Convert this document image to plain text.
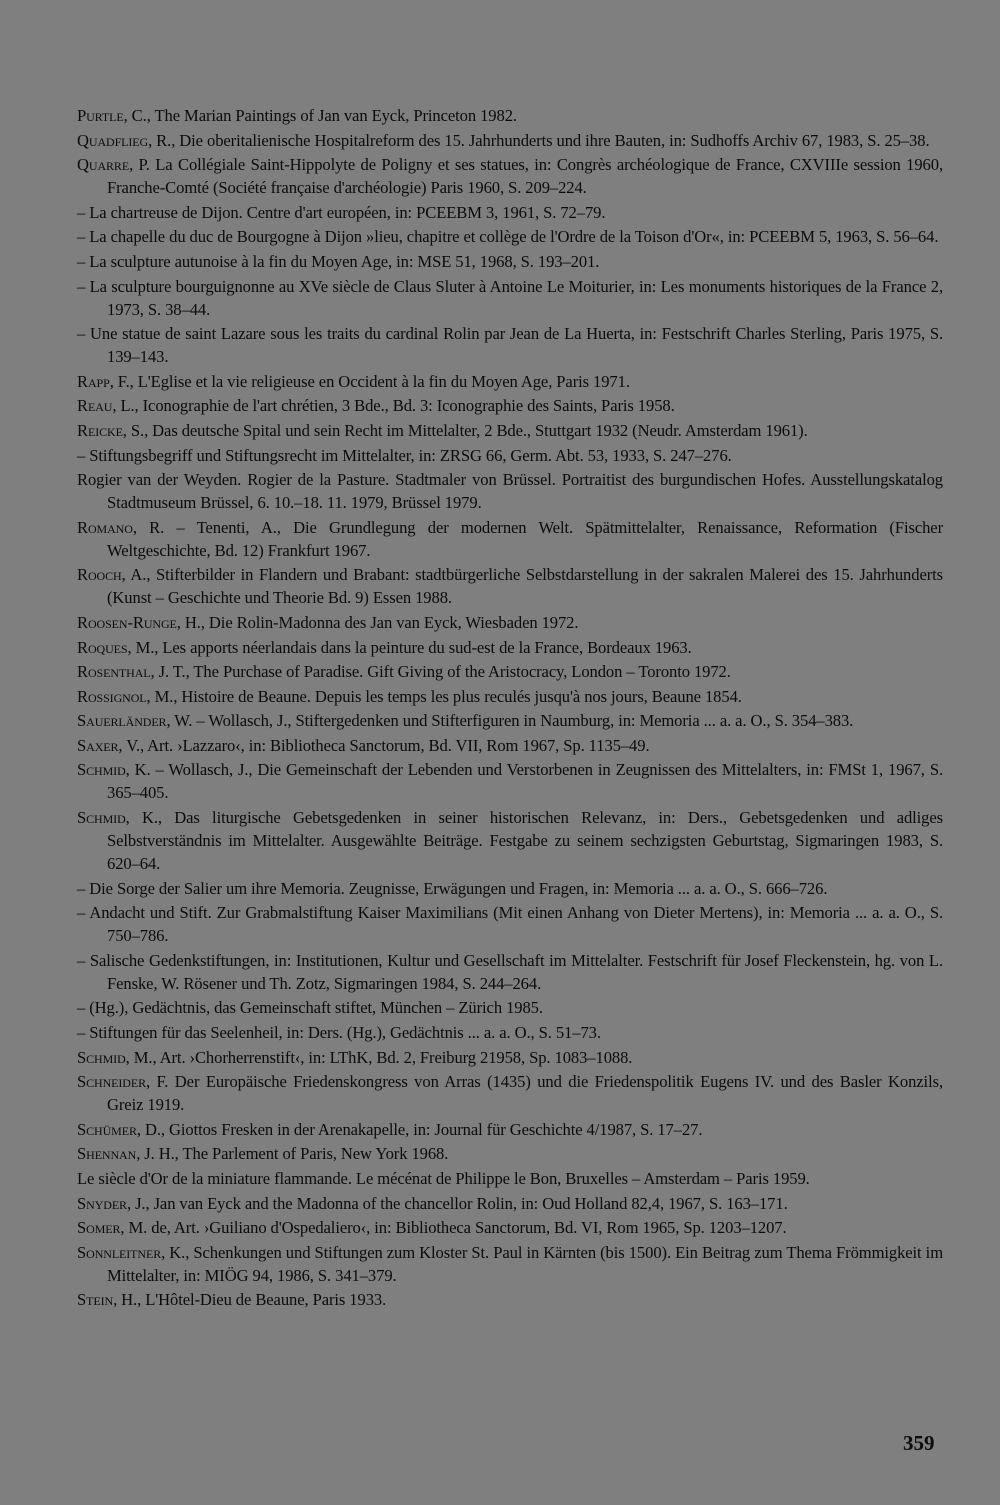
Purtle, C., The Marian Paintings of Jan van Eyck, Princeton 1982.

Quadflieg, R., Die oberitalienische Hospitalreform des 15. Jahrhunderts und ihre Bauten, in: Sudhoffs Archiv 67, 1983, S. 25–38.

Quarre, P. La Collégiale Saint-Hippolyte de Poligny et ses statues, in: Congrès archéologique de France, CXVIIIe session 1960, Franche-Comté (Société française d'archéologie) Paris 1960, S. 209–224.

– La chartreuse de Dijon. Centre d'art européen, in: PCEEBM 3, 1961, S. 72–79.

– La chapelle du duc de Bourgogne à Dijon »lieu, chapitre et collège de l'Ordre de la Toison d'Or«, in: PCEEBM 5, 1963, S. 56–64.

– La sculpture autunoise à la fin du Moyen Age, in: MSE 51, 1968, S. 193–201.

– La sculpture bourguignonne au XVe siècle de Claus Sluter à Antoine Le Moiturier, in: Les monuments historiques de la France 2, 1973, S. 38–44.

– Une statue de saint Lazare sous les traits du cardinal Rolin par Jean de La Huerta, in: Festschrift Charles Sterling, Paris 1975, S. 139–143.

Rapp, F., L'Eglise et la vie religieuse en Occident à la fin du Moyen Age, Paris 1971.

Reau, L., Iconographie de l'art chrétien, 3 Bde., Bd. 3: Iconographie des Saints, Paris 1958.

Reicke, S., Das deutsche Spital und sein Recht im Mittelalter, 2 Bde., Stuttgart 1932 (Neudr. Amsterdam 1961).

– Stiftungsbegriff und Stiftungsrecht im Mittelalter, in: ZRSG 66, Germ. Abt. 53, 1933, S. 247–276.

Rogier van der Weyden. Rogier de la Pasture. Stadtmaler von Brüssel. Portraitist des burgundischen Hofes. Ausstellungskatalog Stadtmuseum Brüssel, 6. 10.–18. 11. 1979, Brüssel 1979.

Romano, R. – Tenenti, A., Die Grundlegung der modernen Welt. Spätmittelalter, Renaissance, Reformation (Fischer Weltgeschichte, Bd. 12) Frankfurt 1967.

Rooch, A., Stifterbilder in Flandern und Brabant: stadtbürgerliche Selbstdarstellung in der sakralen Malerei des 15. Jahrhunderts (Kunst – Geschichte und Theorie Bd. 9) Essen 1988.

Roosen-Runge, H., Die Rolin-Madonna des Jan van Eyck, Wiesbaden 1972.

Roques, M., Les apports néerlandais dans la peinture du sud-est de la France, Bordeaux 1963.

Rosenthal, J. T., The Purchase of Paradise. Gift Giving of the Aristocracy, London – Toronto 1972.

Rossignol, M., Histoire de Beaune. Depuis les temps les plus reculés jusqu'à nos jours, Beaune 1854.

Sauerländer, W. – Wollasch, J., Stiftergedenken und Stifterfiguren in Naumburg, in: Memoria ... a. a. O., S. 354–383.

Saxer, V., Art. ›Lazzaro‹, in: Bibliotheca Sanctorum, Bd. VII, Rom 1967, Sp. 1135–49.

Schmid, K. – Wollasch, J., Die Gemeinschaft der Lebenden und Verstorbenen in Zeugnissen des Mittelalters, in: FMSt 1, 1967, S. 365–405.

Schmid, K., Das liturgische Gebetsgedenken in seiner historischen Relevanz, in: Ders., Gebetsgedenken und adliges Selbstverständnis im Mittelalter. Ausgewählte Beiträge. Festgabe zu seinem sechzigsten Geburtstag, Sigmaringen 1983, S. 620–64.

– Die Sorge der Salier um ihre Memoria. Zeugnisse, Erwägungen und Fragen, in: Memoria ... a. a. O., S. 666–726.

– Andacht und Stift. Zur Grabmalstiftung Kaiser Maximilians (Mit einen Anhang von Dieter Mertens), in: Memoria ... a. a. O., S. 750–786.

– Salische Gedenkstiftungen, in: Institutionen, Kultur und Gesellschaft im Mittelalter. Festschrift für Josef Fleckenstein, hg. von L. Fenske, W. Rösener und Th. Zotz, Sigmaringen 1984, S. 244–264.

– (Hg.), Gedächtnis, das Gemeinschaft stiftet, München – Zürich 1985.

– Stiftungen für das Seelenheil, in: Ders. (Hg.), Gedächtnis ... a. a. O., S. 51–73.

Schmid, M., Art. ›Chorherrenstift‹, in: LThK, Bd. 2, Freiburg 21958, Sp. 1083–1088.

Schneider, F. Der Europäische Friedenskongress von Arras (1435) und die Friedenspolitik Eugens IV. und des Basler Konzils, Greiz 1919.

Schümer, D., Giottos Fresken in der Arenakapelle, in: Journal für Geschichte 4/1987, S. 17–27.

Shennan, J. H., The Parlement of Paris, New York 1968.

Le siècle d'Or de la miniature flammande. Le mécénat de Philippe le Bon, Bruxelles – Amsterdam – Paris 1959.

Snyder, J., Jan van Eyck and the Madonna of the chancellor Rolin, in: Oud Holland 82,4, 1967, S. 163–171.

Somer, M. de, Art. ›Guiliano d'Ospedaliero‹, in: Bibliotheca Sanctorum, Bd. VI, Rom 1965, Sp. 1203–1207.

Sonnleitner, K., Schenkungen und Stiftungen zum Kloster St. Paul in Kärnten (bis 1500). Ein Beitrag zum Thema Frömmigkeit im Mittelalter, in: MIÖG 94, 1986, S. 341–379.

Stein, H., L'Hôtel-Dieu de Beaune, Paris 1933.

359
